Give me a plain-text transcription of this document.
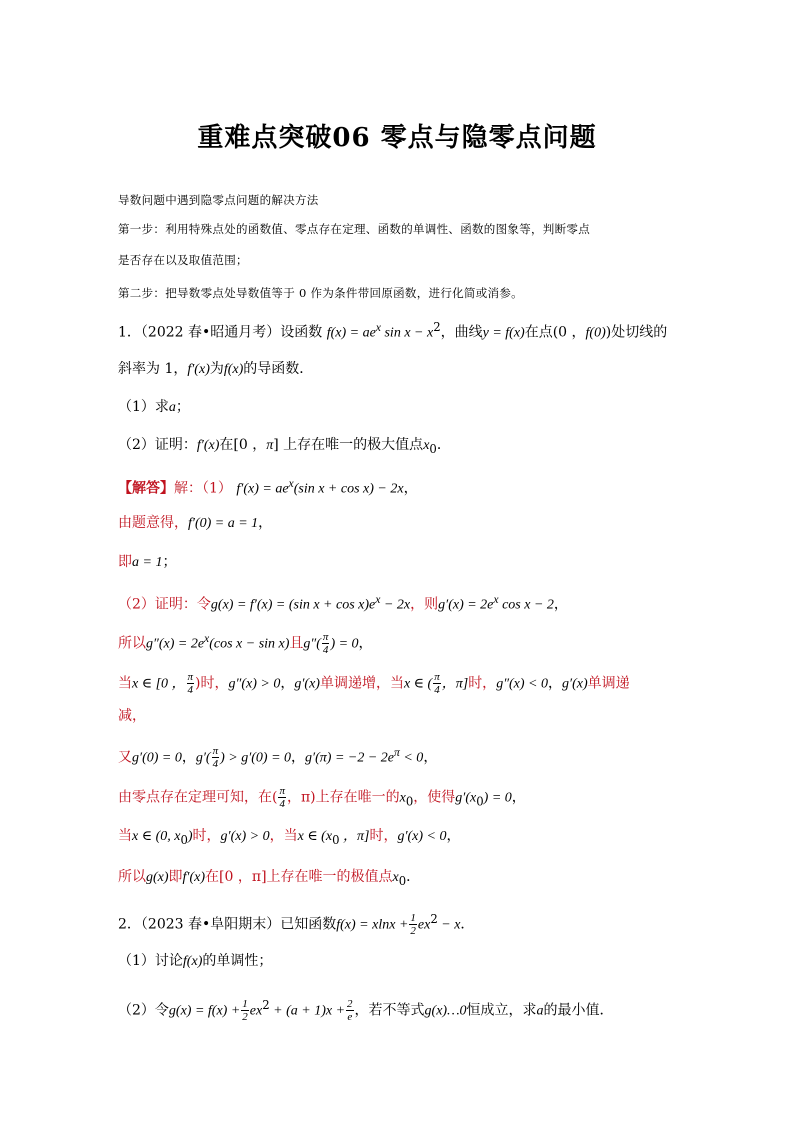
重难点突破06 零点与隐零点问题
导数问题中遇到隐零点问题的解决方法
第一步：利用特殊点处的函数值、零点存在定理、函数的单调性、函数的图象等，判断零点
是否存在以及取值范围；
第二步：把导数零点处导数值等于 0 作为条件带回原函数，进行化简或消参。
1．（2022 春•昭通月考）设函数 $f(x) = ae^x$ $\sin x - x^2$，曲线y = f(x)在点(0 ，f(0))处切线的
斜率为 1，f′(x)为f(x)的导函数．
（1）求a；
（2）证明：f′(x)在[0 ，π] 上存在唯一的极大值点$x_0$．
【解答】解：（1） $f'(x) = ae^x(\sin$ x + cos x) − 2x，
由题意得，f′(0) = a = 1，
即a = 1；
（2）证明：令g(x) = f′(x) = (sin $x + \cos x)e^x - 2x$，则$g'(x) = 2e^x$ cos x − 2，
所以$g''(x) = 2e^x(\cos$ x − sin x)且$g''( \frac{\pi}{4}$ ) = 0，
当x ∈ [0 ， $\frac{\pi}{4}$ )时，g″(x) > 0，g′(x)单调递增，当x ∈ ( $\frac{\pi}{4}$ ，π]时，g″(x) < 0，g′(x)单调递
减，
又g′(0) = 0，$g'( \frac{\pi}{4}$ ) > g′(0) = 0，$g'(\pi) = -2 - 2e^\pi < 0$，
由零点存在定理可知，在( $\frac{\pi}{4}$ ，π)上存在唯一的$x_0$，使得$g'(x_0) = 0$，
当x ∈ (0, $x_0$)时，g′(x) > 0，当x ∈ ($x_0$ ，π]时，g′(x) < 0，
所以g(x)即f′(x)在[0 ，π]上存在唯一的极值点$x_0$．
2．（2023 春•阜阳期末）已知函数$f(x) = xlnx + \frac{1}{2} ex^2 - x$．
（1）讨论f(x)的单调性；
（2）令$g(x) = f(x) + \frac{1}{2} ex^2 + (a + 1)x + \frac{2}{e}$ ，若不等式g(x)…0恒成立，求a的最小值．
